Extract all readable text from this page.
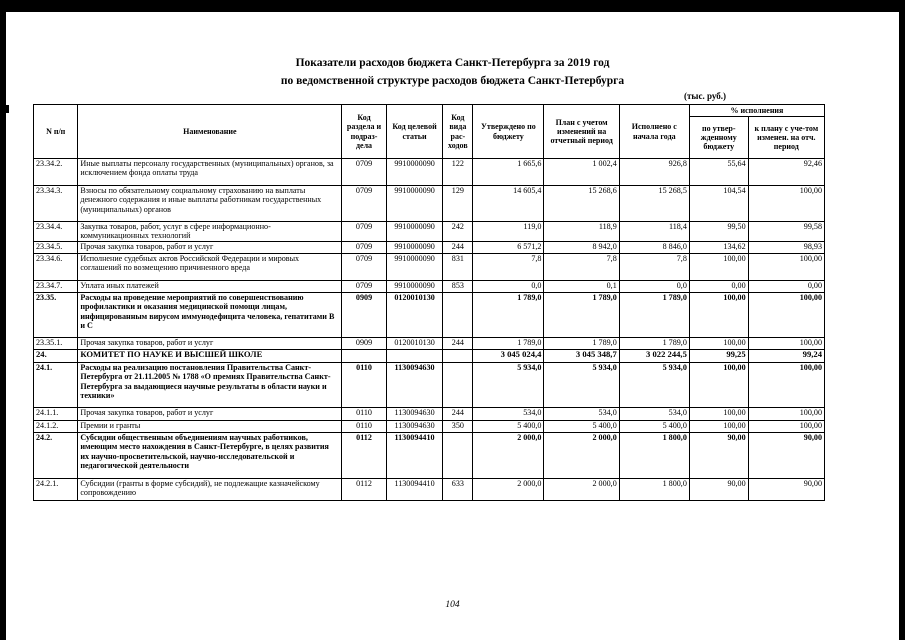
Показатели расходов бюджета Санкт-Петербурга за 2019 год
по ведомственной структуре расходов бюджета Санкт-Петербурга
(тыс. руб.)
N п/п	Наименование	Код раздела и подраз-дела	Код целевой статьи	Код вида рас-ходов	Утверждено по бюджету	План с учетом изменений на отчетный период	Исполнено с начала года	% исполнения	
								по утвер-жденному бюджету	к плану с уче-том изменен. на отч. период
23.34.2.	Иные выплаты персоналу государственных (муниципальных) органов, за исключением фонда оплаты труда	0709	9910000090	122	1 665,6	1 002,4	926,8	55,64	92,46
23.34.3.	Взносы по обязательному социальному страхованию на выплаты денежного содержания и иные выплаты работникам государственных (муниципальных) органов	0709	9910000090	129	14 605,4	15 268,6	15 268,5	104,54	100,00
23.34.4.	Закупка товаров, работ, услуг в сфере информационно-коммуникационных технологий	0709	9910000090	242	119,0	118,9	118,4	99,50	99,58
23.34.5.	Прочая закупка товаров, работ и услуг	0709	9910000090	244	6 571,2	8 942,0	8 846,0	134,62	98,93
23.34.6.	Исполнение судебных актов Российской Федерации и мировых соглашений по возмещению причиненного вреда	0709	9910000090	831	7,8	7,8	7,8	100,00	100,00
23.34.7.	Уплата иных платежей	0709	9910000090	853	0,0	0,1	0,0	0,00	0,00
23.35.	Расходы на проведение мероприятий по совершенствованию профилактики и оказания медицинской помощи лицам, инфицированным вирусом иммунодефицита человека, гепатитами B и C	0909	0120010130		1 789,0	1 789,0	1 789,0	100,00	100,00
23.35.1.	Прочая закупка товаров, работ и услуг	0909	0120010130	244	1 789,0	1 789,0	1 789,0	100,00	100,00
24.	КОМИТЕТ ПО НАУКЕ И ВЫСШЕЙ ШКОЛЕ				3 045 024,4	3 045 348,7	3 022 244,5	99,25	99,24
24.1.	Расходы на реализацию постановления Правительства Санкт-Петербурга от 21.11.2005 № 1788 «О премиях Правительства Санкт-Петербурга за выдающиеся научные результаты в области науки и техники»	0110	1130094630		5 934,0	5 934,0	5 934,0	100,00	100,00
24.1.1.	Прочая закупка товаров, работ и услуг	0110	1130094630	244	534,0	534,0	534,0	100,00	100,00
24.1.2.	Премии и гранты	0110	1130094630	350	5 400,0	5 400,0	5 400,0	100,00	100,00
24.2.	Субсидии общественным объединениям научных работников, имеющим место нахождения в Санкт-Петербурге, в целях развития их научно-просветительской, научно-исследовательской и педагогической деятельности	0112	1130094410		2 000,0	2 000,0	1 800,0	90,00	90,00
24.2.1.	Субсидии (гранты в форме субсидий), не подлежащие казначейскому сопровождению	0112	1130094410	633	2 000,0	2 000,0	1 800,0	90,00	90,00
104
